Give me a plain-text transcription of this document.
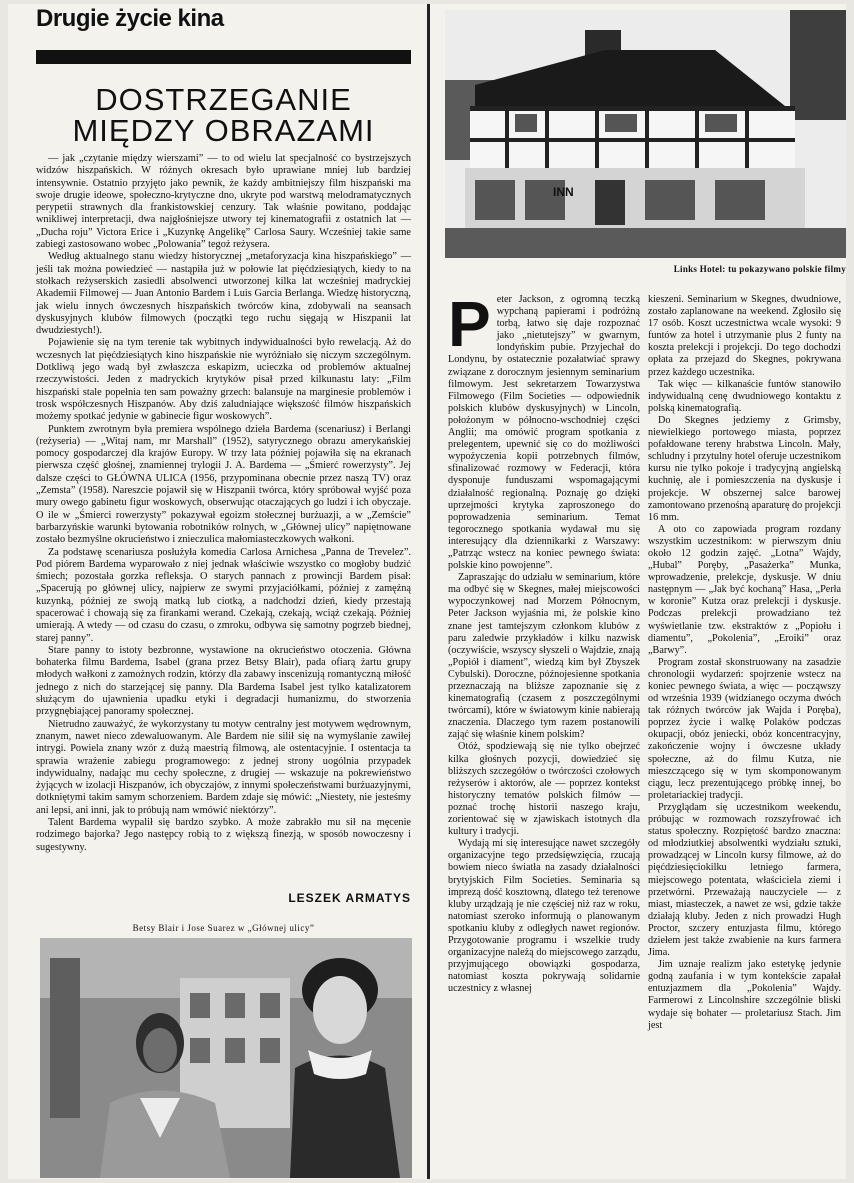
Drugie życie kina
DOSTRZEGANIE MIĘDZY OBRAZAMI

— jak „czytanie między wierszami” — to od wielu lat specjalność co bystrzejszych widzów hiszpańskich. W różnych okresach było uprawiane mniej lub bardziej intensywnie. Ostatnio przyjęto jako pewnik, że każdy ambitniejszy film hiszpański ma swoje drugie ideowe, społeczno-krytyczne dno, ukryte pod warstwą melodramatycznych perypetii strawnych dla frankistowskiej cenzury. Tak właśnie powitano, poddając wnikliwej interpretacji, dwa najgłośniejsze utwory tej kinematografii z ostatnich lat — „Ducha roju” Victora Erice i „Kuzynkę Angelikę” Carlosa Saury. Wcześniej takie same zabiegi zastosowano wobec „Polowania” tegoż reżysera.

Według aktualnego stanu wiedzy historycznej „metaforyzacja kina hiszpańskiego” — jeśli tak można powiedzieć — nastąpiła już w połowie lat pięćdziesiątych, kiedy to na stołkach reżyserskich zasiedli absolwenci utworzonej kilka lat wcześniej madryckiej Akademii Filmowej — Juan Antonio Bardem i Luis Garcia Berlanga. Wiedzę historyczną, jak wielu innych ówczesnych hiszpańskich twórców kina, zdobywali na seansach dyskusyjnych klubów filmowych (początki tego ruchu sięgają w Hiszpanii lat dwudziestych!).

Pojawienie się na tym terenie tak wybitnych indywidualności było rewelacją. Aż do wczesnych lat pięćdziesiątych kino hiszpańskie nie wyróżniało się niczym szczególnym. Dotkliwą jego wadą był zwłaszcza eskapizm, ucieczka od problemów aktualnej rzeczywistości. Jeden z madryckich krytyków pisał przed kilkunastu laty: „Film hiszpański stale popełnia ten sam poważny grzech: balansuje na marginesie problemów i trosk współczesnych Hiszpanów. Aby dziś zaludniające większość filmów hiszpańskich możemy spotkać jedynie w gabinecie figur woskowych”.

Punktem zwrotnym była premiera wspólnego dzieła Bardema (scenariusz) i Berlangi (reżyseria) — „Witaj nam, mr Marshall” (1952), satyrycznego obrazu amerykańskiej pomocy gospodarczej dla krajów Europy. W trzy lata później pojawiła się na ekranach pierwsza część głośnej, znamiennej trylogii J. A. Bardema — „Śmierć rowerzysty”. Jej dalsze części to GŁÓWNA ULICA (1956, przypominana obecnie przez naszą TV) oraz „Zemsta” (1958). Nareszcie pojawił się w Hiszpanii twórca, który spróbował wyjść poza mury owego gabinetu figur woskowych, obserwując otaczających go ludzi i ich obyczaje. O ile w „Śmierci rowerzysty” pokazywał egoizm stołecznej burżuazji, a w „Zemście” barbarzyńskie warunki bytowania robotników rolnych, w „Głównej ulicy” napiętnowane zostało bezmyślne okrucieństwo i znieczulica małomiasteczkowych wałkoni.

Za podstawę scenariusza posłużyła komedia Carlosa Arnichesa „Panna de Trevelez”. Pod piórem Bardema wyparowało z niej jednak właściwie wszystko co mogłoby budzić śmiech; pozostała gorzka refleksja. O starych pannach z prowincji Bardem pisał: „Spacerują po głównej ulicy, najpierw ze swymi przyjaciółkami, później z zamężną kuzynką, później ze swoją matką lub ciotką, a nadchodzi dzień, kiedy przestają spacerować i chowają się za firankami werand. Czekają, czekają, wciąż czekają. Później umierają. A wtedy — od czasu do czasu, o zmroku, odbywa się samotny pogrzeb biednej, starej panny”.

Stare panny to istoty bezbronne, wystawione na okrucieństwo otoczenia. Główna bohaterka filmu Bardema, Isabel (grana przez Betsy Blair), pada ofiarą żartu grupy młodych wałkoni z zamożnych rodzin, którzy dla zabawy inscenizują romantyczną miłość jednego z nich do starzejącej się panny. Dla Bardema Isabel jest tylko katalizatorem służącym do ujawnienia upadku etyki i degradacji humanizmu, do stworzenia przygnębiającej panoramy społecznej.

Nietrudno zauważyć, że wykorzystany tu motyw centralny jest motywem wędrownym, znanym, nawet nieco zdewaluowanym. Ale Bardem nie silił się na wymyślanie zawiłej intrygi. Powiela znany wzór z dużą maestrią filmową, ale ostentacyjnie. I ostentacja ta sprawia wrażenie zabiegu programowego: z jednej strony uogólnia przypadek indywidualny, nadając mu cechy społeczne, z drugiej — wskazuje na pokrewieństwo żyjących w izolacji Hiszpanów, ich obyczajów, z innymi społeczeństwami burżuazyjnymi, dotkniętymi takim samym schorzeniem. Bardem zdaje się mówić: „Niestety, nie jesteśmy ani lepsi, ani inni, jak to próbują nam wmówić niektórzy”.

Talent Bardema wypalił się bardzo szybko. A może zabrakło mu sił na męcenie rodzimego bajorka? Jego następcy robią to z większą finezją, w sposób nowoczesny i sugestywny.

LESZEK ARMATYS
Betsy Blair i Jose Suarez w „Głównej ulicy”
INN
Links Hotel: tu pokazywano polskie filmy

Peter Jackson, z ogromną teczką wypchaną papierami i podróżną torbą, łatwo się daje rozpoznać jako „nietutejszy” w gwarnym, londyńskim pubie. Przyjechał do Londynu, by ostatecznie pozałatwiać sprawy związane z dorocznym jesiennym seminarium filmowym. Jest sekretarzem Towarzystwa Filmowego (Film Societies — odpowiednik polskich klubów dyskusyjnych) w Lincoln, położonym w północno-wschodniej części Anglii; ma omówić program spotkania z prelegentem, upewnić się co do możliwości wypożyczenia kopii potrzebnych filmów, sfinalizować rozmowy w Federacji, która dysponuje funduszami wspomagającymi działalność regionalną. Poznaję go dzięki uprzejmości krytyka zaproszonego do poprowadzenia seminarium. Temat tegorocznego spotkania wydawał mu się interesujący dla dziennikarki z Warszawy: „Patrząc wstecz na koniec pewnego świata: polskie kino powojenne”.

Zapraszając do udziału w seminarium, które ma odbyć się w Skegnes, małej miejscowości wypoczynkowej nad Morzem Północnym, Peter Jackson wyjaśnia mi, że polskie kino znane jest tamtejszym członkom klubów z paru zaledwie przykładów i kilku nazwisk (oczywiście, wszyscy słyszeli o Wajdzie, znają „Popiół i diament”, wiedzą kim był Zbyszek Cybulski). Doroczne, późnojesienne spotkania przeznaczają na bliższe zapoznanie się z kinematografią (czasem z poszczególnymi twórcami), które w światowym kinie nabierają znaczenia. Dlaczego tym razem postanowili zająć się właśnie kinem polskim?

Otóż, spodziewają się nie tylko obejrzeć kilka głośnych pozycji, dowiedzieć się bliższych szczegółów o twórczości czołowych reżyserów i aktorów, ale — poprzez kontekst historyczny tematów polskich filmów — poznać trochę historii naszego kraju, zorientować się w zjawiskach istotnych dla kultury i tradycji.

Wydają mi się interesujące nawet szczegóły organizacyjne tego przedsięwzięcia, rzucają bowiem nieco światła na zasady działalności brytyjskich Film Societies. Seminaria są imprezą dość kosztowną, dlatego też terenowe kluby urządzają je nie częściej niż raz w roku, natomiast szeroko informują o planowanym spotkaniu kluby z odległych nawet regionów. Przygotowanie programu i wszelkie trudy organizacyjne należą do miejscowego zarządu, przyjmującego obowiązki gospodarza, natomiast koszta pokrywają solidarnie uczestnicy z własnej

kieszeni. Seminarium w Skegnes, dwudniowe, zostało zaplanowane na weekend. Zgłosiło się 17 osób. Koszt uczestnictwa wcale wysoki: 9 funtów za hotel i utrzymanie plus 2 funty na koszta prelekcji i projekcji. Do tego dochodzi opłata za przejazd do Skegnes, pokrywana przez każdego uczestnika.

Tak więc — kilkanaście funtów stanowiło indywidualną cenę dwudniowego kontaktu z polską kinematografią.

Do Skegnes jedziemy z Grimsby, niewielkiego portowego miasta, poprzez pofałdowane tereny hrabstwa Lincoln. Mały, schludny i przytulny hotel oferuje uczestnikom kursu nie tylko pokoje i tradycyjną angielską kuchnię, ale i pomieszczenia na dyskusje i projekcje. W obszernej salce barowej zamontowano przenośną aparaturę do projekcji 16 mm.

A oto co zapowiada program rozdany wszystkim uczestnikom: w pierwszym dniu około 12 godzin zajęć. „Lotna” Wajdy, „Hubal” Poręby, „Pasażerka” Munka, wprowadzenie, prelekcje, dyskusje. W dniu następnym — „Jak być kochaną” Hasa, „Perła w koronie” Kutza oraz prelekcji i dyskusje. Podczas prelekcji prowadziano też wyświetlanie tzw. ekstraktów z „Popiołu i diamentu”, „Pokolenia”, „Eroiki” oraz „Barwy”.

Program został skonstruowany na zasadzie chronologii wydarzeń: spojrzenie wstecz na koniec pewnego świata, a więc — począwszy od września 1939 (widzianego oczyma dwóch tak różnych twórców jak Wajda i Poręba), poprzez życie i walkę Polaków podczas okupacji, obóz jeniecki, obóz koncentracyjny, zakończenie wojny i ówczesne układy społeczne, aż do filmu Kutza, nie mieszczącego się w tym skomponowanym ciągu, lecz prezentującego próbkę innej, bo proletariackiej tradycji.

Przyglądam się uczestnikom weekendu, próbując w rozmowach rozszyfrować ich status społeczny. Rozpiętość bardzo znaczna: od młodziutkiej absolwentki wydziału sztuki, prowadzącej w Lincoln kursy filmowe, aż do pięćdziesięciokilku letniego farmera, miejscowego potentata, właściciela ziemi i przetwórni. Przeważają nauczyciele — z miast, miasteczek, a nawet ze wsi, gdzie także działają kluby. Jeden z nich prowadzi Hugh Proctor, szczery entuzjasta filmu, którego dziełem jest także zwabienie na kurs farmera Jima.

Jim uznaje realizm jako estetykę jedynie godną zaufania i w tym kontekście zapałał entuzjazmem dla „Pokolenia” Wajdy. Farmerowi z Lincolnshire szczególnie bliski wydaje się bohater — proletariusz Stach. Jim jest
